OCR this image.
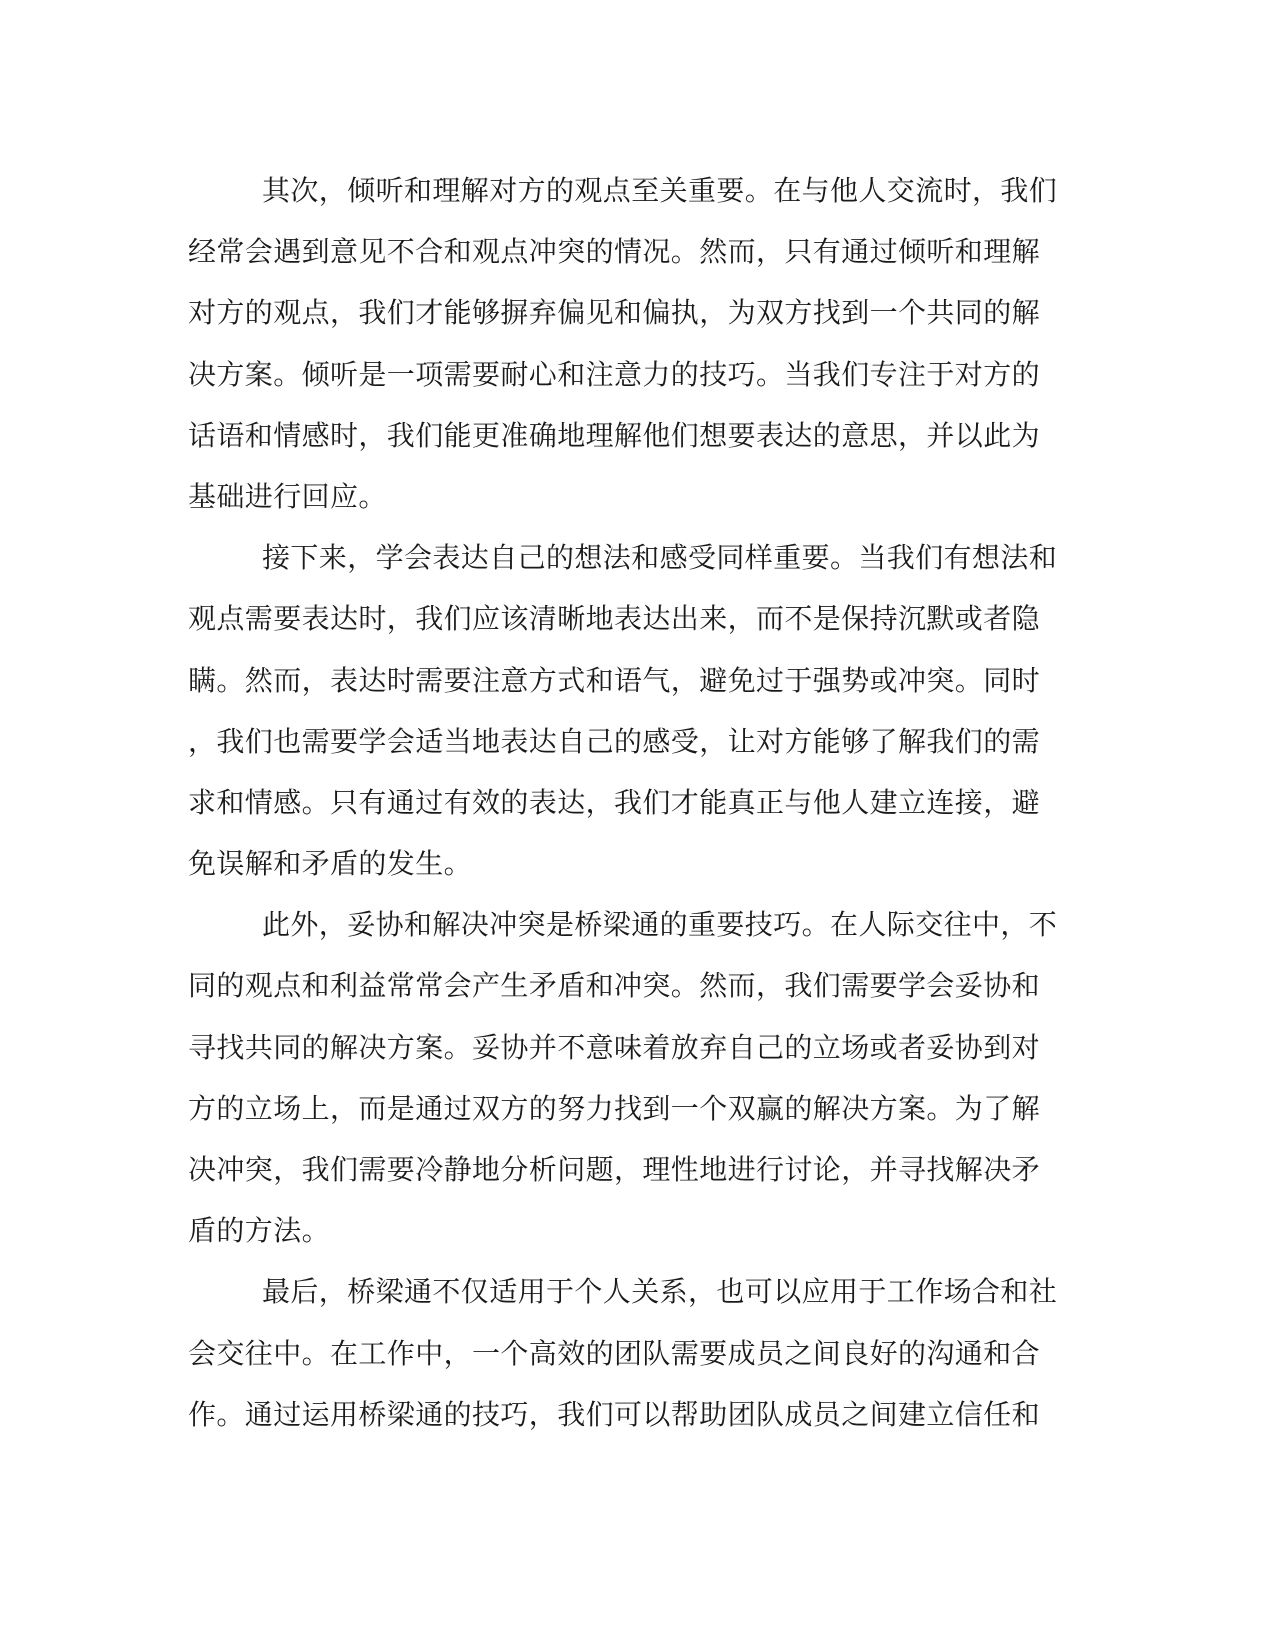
其次，倾听和理解对方的观点至关重要。在与他人交流时，我们
经常会遇到意见不合和观点冲突的情况。然而，只有通过倾听和理解
对方的观点，我们才能够摒弃偏见和偏执，为双方找到一个共同的解
决方案。倾听是一项需要耐心和注意力的技巧。当我们专注于对方的
话语和情感时，我们能更准确地理解他们想要表达的意思，并以此为
基础进行回应。

接下来，学会表达自己的想法和感受同样重要。当我们有想法和
观点需要表达时，我们应该清晰地表达出来，而不是保持沉默或者隐
瞒。然而，表达时需要注意方式和语气，避免过于强势或冲突。同时
，我们也需要学会适当地表达自己的感受，让对方能够了解我们的需
求和情感。只有通过有效的表达，我们才能真正与他人建立连接，避
免误解和矛盾的发生。

此外，妥协和解决冲突是桥梁通的重要技巧。在人际交往中，不
同的观点和利益常常会产生矛盾和冲突。然而，我们需要学会妥协和
寻找共同的解决方案。妥协并不意味着放弃自己的立场或者妥协到对
方的立场上，而是通过双方的努力找到一个双赢的解决方案。为了解
决冲突，我们需要冷静地分析问题，理性地进行讨论，并寻找解决矛
盾的方法。

最后，桥梁通不仅适用于个人关系，也可以应用于工作场合和社
会交往中。在工作中，一个高效的团队需要成员之间良好的沟通和合
作。通过运用桥梁通的技巧，我们可以帮助团队成员之间建立信任和
